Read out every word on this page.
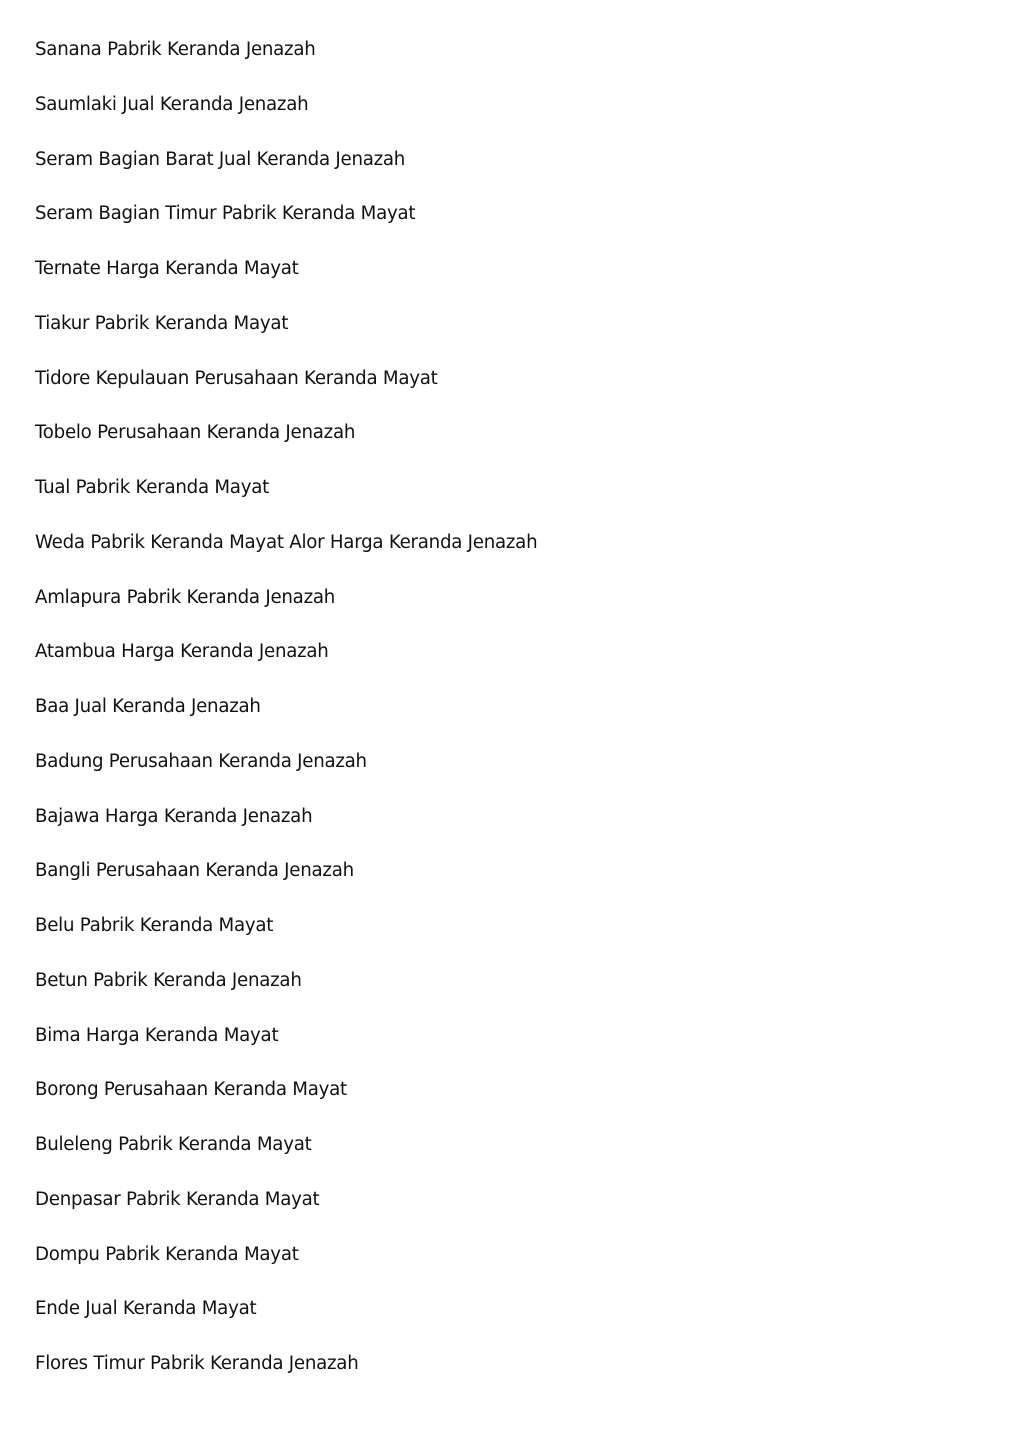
Sanana Pabrik Keranda Jenazah
Saumlaki Jual Keranda Jenazah
Seram Bagian Barat Jual Keranda Jenazah
Seram Bagian Timur Pabrik Keranda Mayat
Ternate Harga Keranda Mayat
Tiakur Pabrik Keranda Mayat
Tidore Kepulauan Perusahaan Keranda Mayat
Tobelo Perusahaan Keranda Jenazah
Tual Pabrik Keranda Mayat
Weda Pabrik Keranda Mayat Alor Harga Keranda Jenazah
Amlapura Pabrik Keranda Jenazah
Atambua Harga Keranda Jenazah
Baa Jual Keranda Jenazah
Badung Perusahaan Keranda Jenazah
Bajawa Harga Keranda Jenazah
Bangli Perusahaan Keranda Jenazah
Belu Pabrik Keranda Mayat
Betun Pabrik Keranda Jenazah
Bima Harga Keranda Mayat
Borong Perusahaan Keranda Mayat
Buleleng Pabrik Keranda Mayat
Denpasar Pabrik Keranda Mayat
Dompu Pabrik Keranda Mayat
Ende Jual Keranda Mayat
Flores Timur Pabrik Keranda Jenazah
